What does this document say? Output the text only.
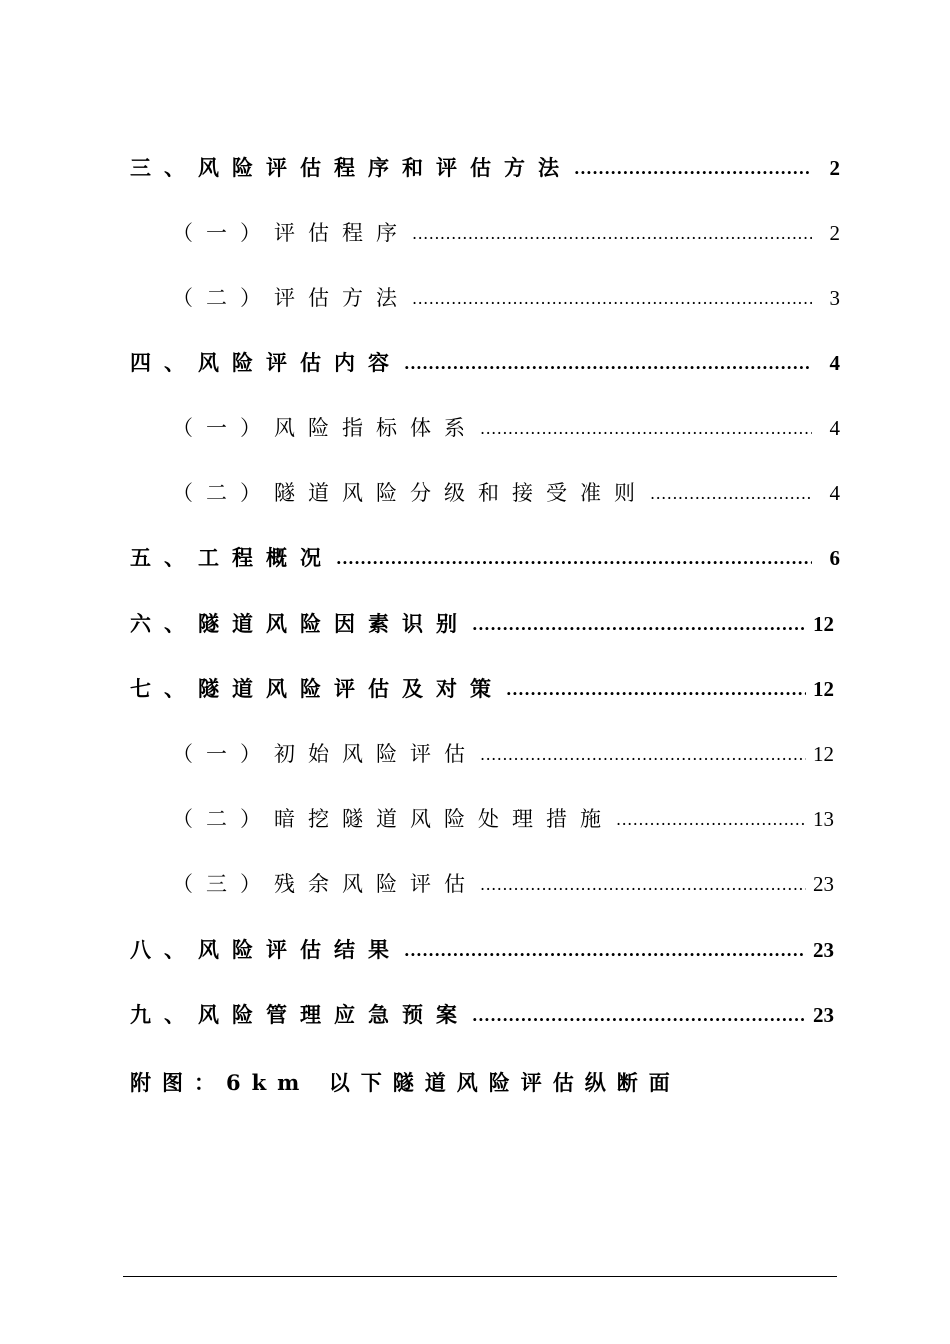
三、风险评估程序和评估方法 .....	2
（一）评估程序 .....	2
（二）评估方法 .....	3
四、风险评估内容 .....	4
（一）风险指标体系 .....	4
（二）隧道风险分级和接受准则 .....	4
五、工程概况 .....	6
六、隧道风险因素识别 .....	12
七、隧道风险评估及对策 .....	12
（一）初始风险评估 .....	12
（二）暗挖隧道风险处理措施 .....	13
（三）残余风险评估 .....	23
八、风险评估结果 .....	23
九、风险管理应急预案 .....	23
附图：6km 以下隧道风险评估纵断面
